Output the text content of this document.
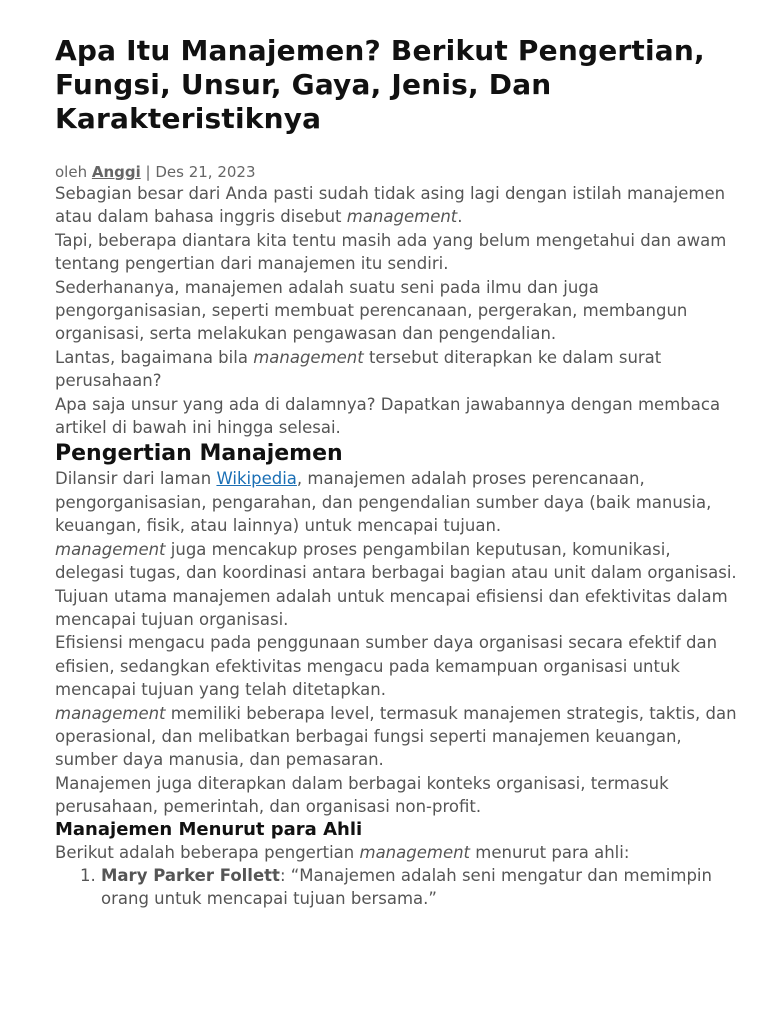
Apa Itu Manajemen? Berikut Pengertian, Fungsi, Unsur, Gaya, Jenis, Dan Karakteristiknya
oleh Anggi | Des 21, 2023

Sebagian besar dari Anda pasti sudah tidak asing lagi dengan istilah manajemen atau dalam bahasa inggris disebut management.

Tapi, beberapa diantara kita tentu masih ada yang belum mengetahui dan awam tentang pengertian dari manajemen itu sendiri.

Sederhananya, manajemen adalah suatu seni pada ilmu dan juga pengorganisasian, seperti membuat perencanaan, pergerakan, membangun organisasi, serta melakukan pengawasan dan pengendalian.

Lantas, bagaimana bila management tersebut diterapkan ke dalam surat perusahaan?

Apa saja unsur yang ada di dalamnya? Dapatkan jawabannya dengan membaca artikel di bawah ini hingga selesai.

Pengertian Manajemen

Dilansir dari laman Wikipedia, manajemen adalah proses perencanaan, pengorganisasian, pengarahan, dan pengendalian sumber daya (baik manusia, keuangan, fisik, atau lainnya) untuk mencapai tujuan.

management juga mencakup proses pengambilan keputusan, komunikasi, delegasi tugas, dan koordinasi antara berbagai bagian atau unit dalam organisasi.

Tujuan utama manajemen adalah untuk mencapai efisiensi dan efektivitas dalam mencapai tujuan organisasi.

Efisiensi mengacu pada penggunaan sumber daya organisasi secara efektif dan efisien, sedangkan efektivitas mengacu pada kemampuan organisasi untuk mencapai tujuan yang telah ditetapkan.

management memiliki beberapa level, termasuk manajemen strategis, taktis, dan operasional, dan melibatkan berbagai fungsi seperti manajemen keuangan, sumber daya manusia, dan pemasaran.

Manajemen juga diterapkan dalam berbagai konteks organisasi, termasuk perusahaan, pemerintah, dan organisasi non-profit.

Manajemen Menurut para Ahli

Berikut adalah beberapa pengertian management menurut para ahli:

1. Mary Parker Follett: “Manajemen adalah seni mengatur dan memimpin orang untuk mencapai tujuan bersama.”
